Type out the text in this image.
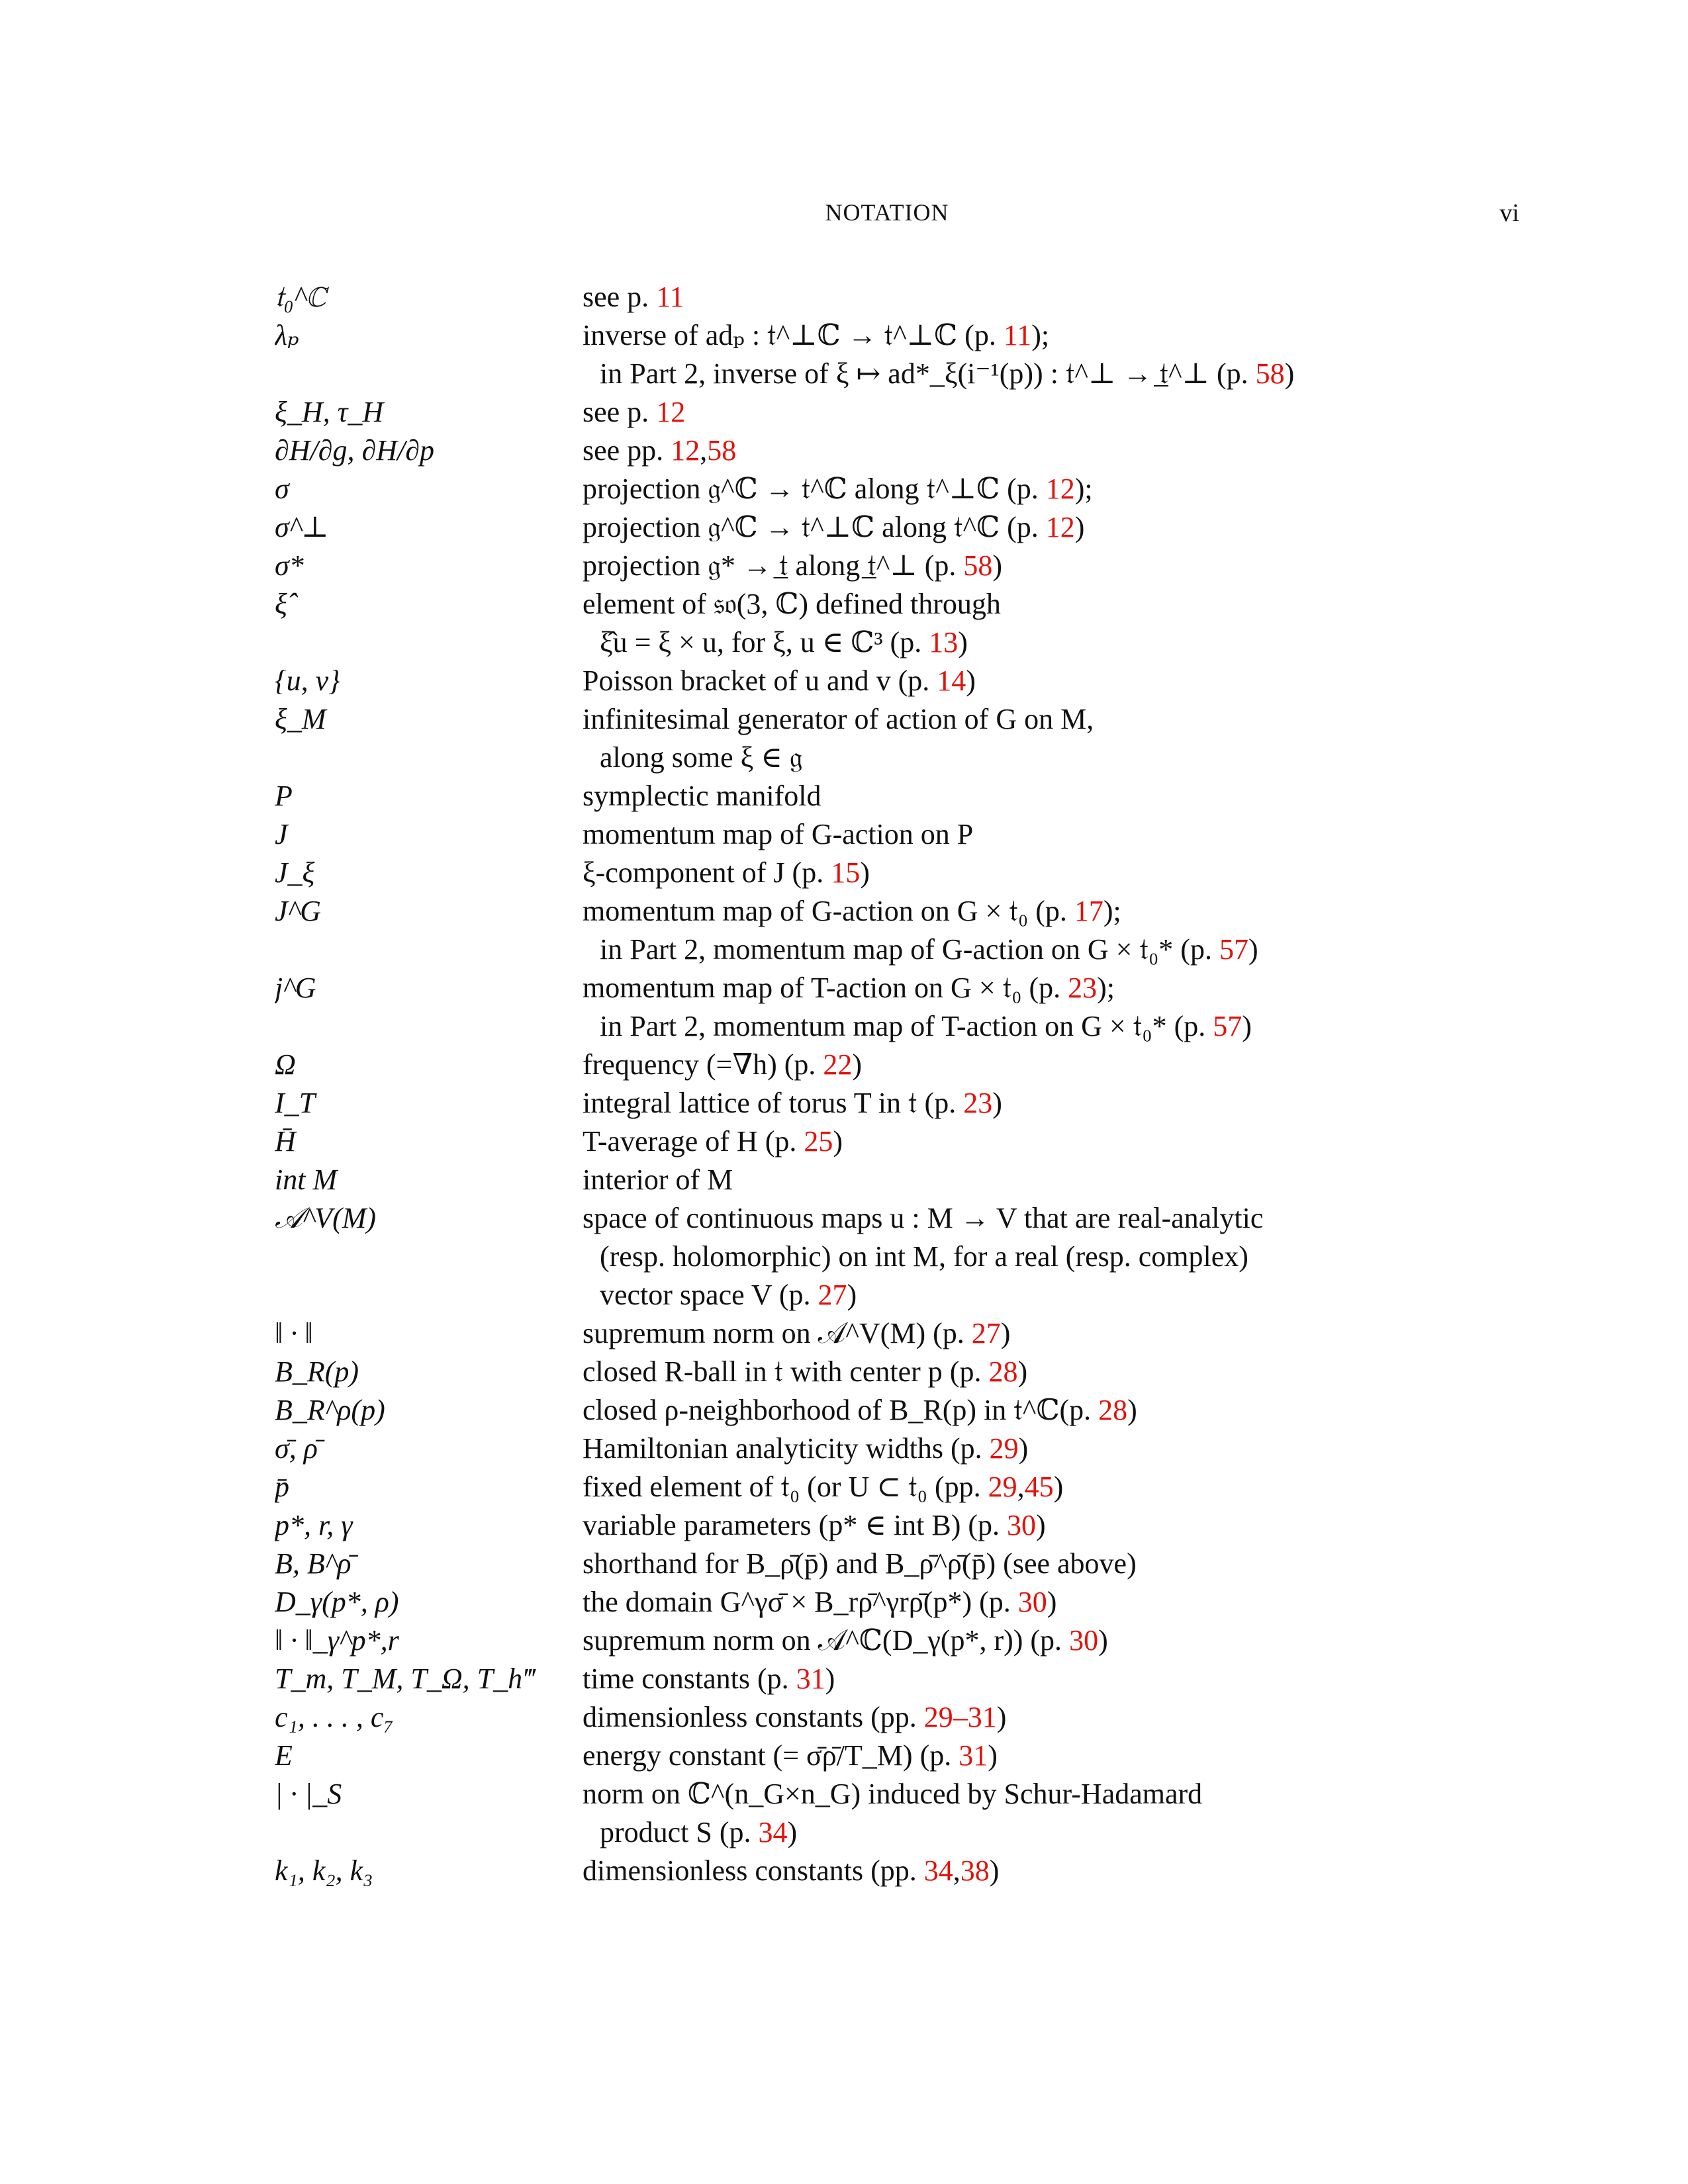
NOTATION	vi
𝔱₀^ℂ	see p. 11
λₚ	inverse of adₚ : 𝔱^⊥ℂ → 𝔱^⊥ℂ (p. 11);
in Part 2, inverse of ξ ↦ ad*_ξ(i⁻¹(p)) : 𝔱^⊥ → 𝔱̲^⊥ (p. 58)
ξ_H, τ_H	see p. 12
∂H/∂g, ∂H/∂p	see pp. 12,58
σ	projection 𝔤^ℂ → 𝔱^ℂ along 𝔱^⊥ℂ (p. 12);
σ^⊥	projection 𝔤^ℂ → 𝔱^⊥ℂ along 𝔱^ℂ (p. 12)
σ*	projection 𝔤* → 𝔱̲ along 𝔱̲^⊥ (p. 58)
ξ̂	element of 𝔰𝔬(3, ℂ) defined through
ξ̂u = ξ × u, for ξ, u ∈ ℂ³ (p. 13)
{u, v}	Poisson bracket of u and v (p. 14)
ξ_M	infinitesimal generator of action of G on M,
along some ξ ∈ 𝔤
P	symplectic manifold
J	momentum map of G-action on P
J_ξ	ξ-component of J (p. 15)
J^G	momentum map of G-action on G × 𝔱₀ (p. 17);
in Part 2, momentum map of G-action on G × 𝔱₀* (p. 57)
j^G	momentum map of T-action on G × 𝔱₀ (p. 23);
in Part 2, momentum map of T-action on G × 𝔱₀* (p. 57)
Ω	frequency (=∇h) (p. 22)
I_T	integral lattice of torus T in 𝔱 (p. 23)
H̄	T-average of H (p. 25)
int M	interior of M
𝒜^V(M)	space of continuous maps u : M → V that are real-analytic
(resp. holomorphic) on int M, for a real (resp. complex)
vector space V (p. 27)
‖ · ‖	supremum norm on 𝒜^V(M) (p. 27)
B_R(p)	closed R-ball in 𝔱 with center p (p. 28)
B_R^ρ(p)	closed ρ-neighborhood of B_R(p) in 𝔱^ℂ(p. 28)
σ̄, ρ̄	Hamiltonian analyticity widths (p. 29)
p̄	fixed element of 𝔱₀ (or U ⊂ 𝔱₀ (pp. 29,45)
p*, r, γ	variable parameters (p* ∈ int B) (p. 30)
B, B^ρ̄	shorthand for B_ρ̄(p̄) and B_ρ̄^ρ̄(p̄) (see above)
D_γ(p*, ρ)	the domain G^γσ̄ × B_rρ̄^γrρ̄(p*) (p. 30)
‖ · ‖_γ^p*,r	supremum norm on 𝒜^ℂ(D_γ(p*, r)) (p. 30)
T_m, T_M, T_Ω, T_h‴	time constants (p. 31)
c₁, . . . , c₇	dimensionless constants (pp. 29–31)
E	energy constant (= σ̄ρ̄/T_M) (p. 31)
| · |_S	norm on ℂ^(n_G×n_G) induced by Schur-Hadamard
product S (p. 34)
k₁, k₂, k₃	dimensionless constants (pp. 34,38)
